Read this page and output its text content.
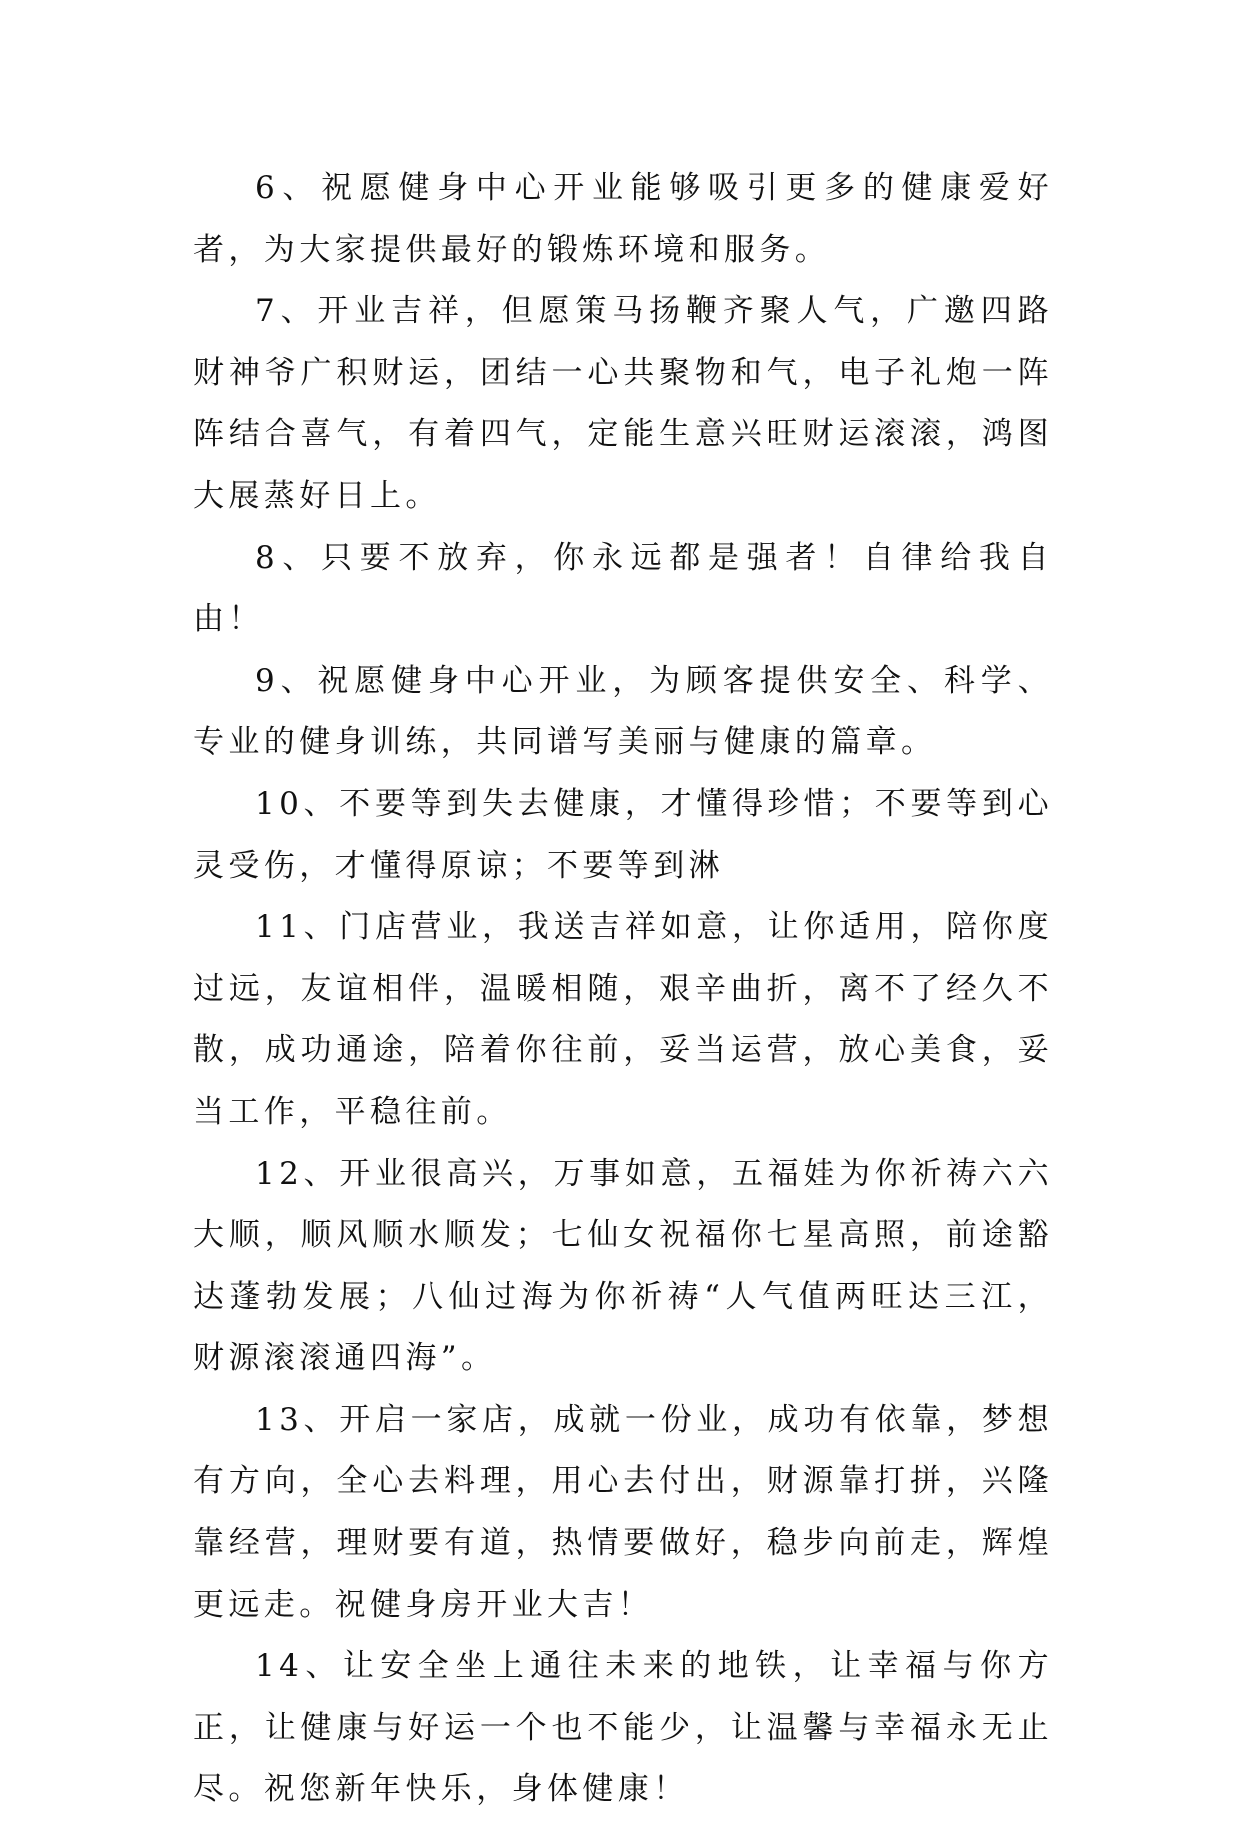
6、祝愿健身中心开业能够吸引更多的健康爱好者，为大家提供最好的锻炼环境和服务。

7、开业吉祥，但愿策马扬鞭齐聚人气，广邀四路财神爷广积财运，团结一心共聚物和气，电子礼炮一阵阵结合喜气，有着四气，定能生意兴旺财运滚滚，鸿图大展蒸好日上。

8、只要不放弃，你永远都是强者！自律给我自由！

9、祝愿健身中心开业，为顾客提供安全、科学、专业的健身训练，共同谱写美丽与健康的篇章。

10、不要等到失去健康，才懂得珍惜；不要等到心灵受伤，才懂得原谅；不要等到淋

11、门店营业，我送吉祥如意，让你适用，陪你度过远，友谊相伴，温暖相随，艰辛曲折，离不了经久不散，成功通途，陪着你往前，妥当运营，放心美食，妥当工作，平稳往前。

12、开业很高兴，万事如意，五福娃为你祈祷六六大顺，顺风顺水顺发；七仙女祝福你七星高照，前途豁达蓬勃发展；八仙过海为你祈祷“人气值两旺达三江，财源滚滚通四海”。

13、开启一家店，成就一份业，成功有依靠，梦想有方向，全心去料理，用心去付出，财源靠打拼，兴隆靠经营，理财要有道，热情要做好，稳步向前走，辉煌更远走。祝健身房开业大吉！

14、让安全坐上通往未来的地铁，让幸福与你方正，让健康与好运一个也不能少，让温馨与幸福永无止尽。祝您新年快乐，身体健康！
